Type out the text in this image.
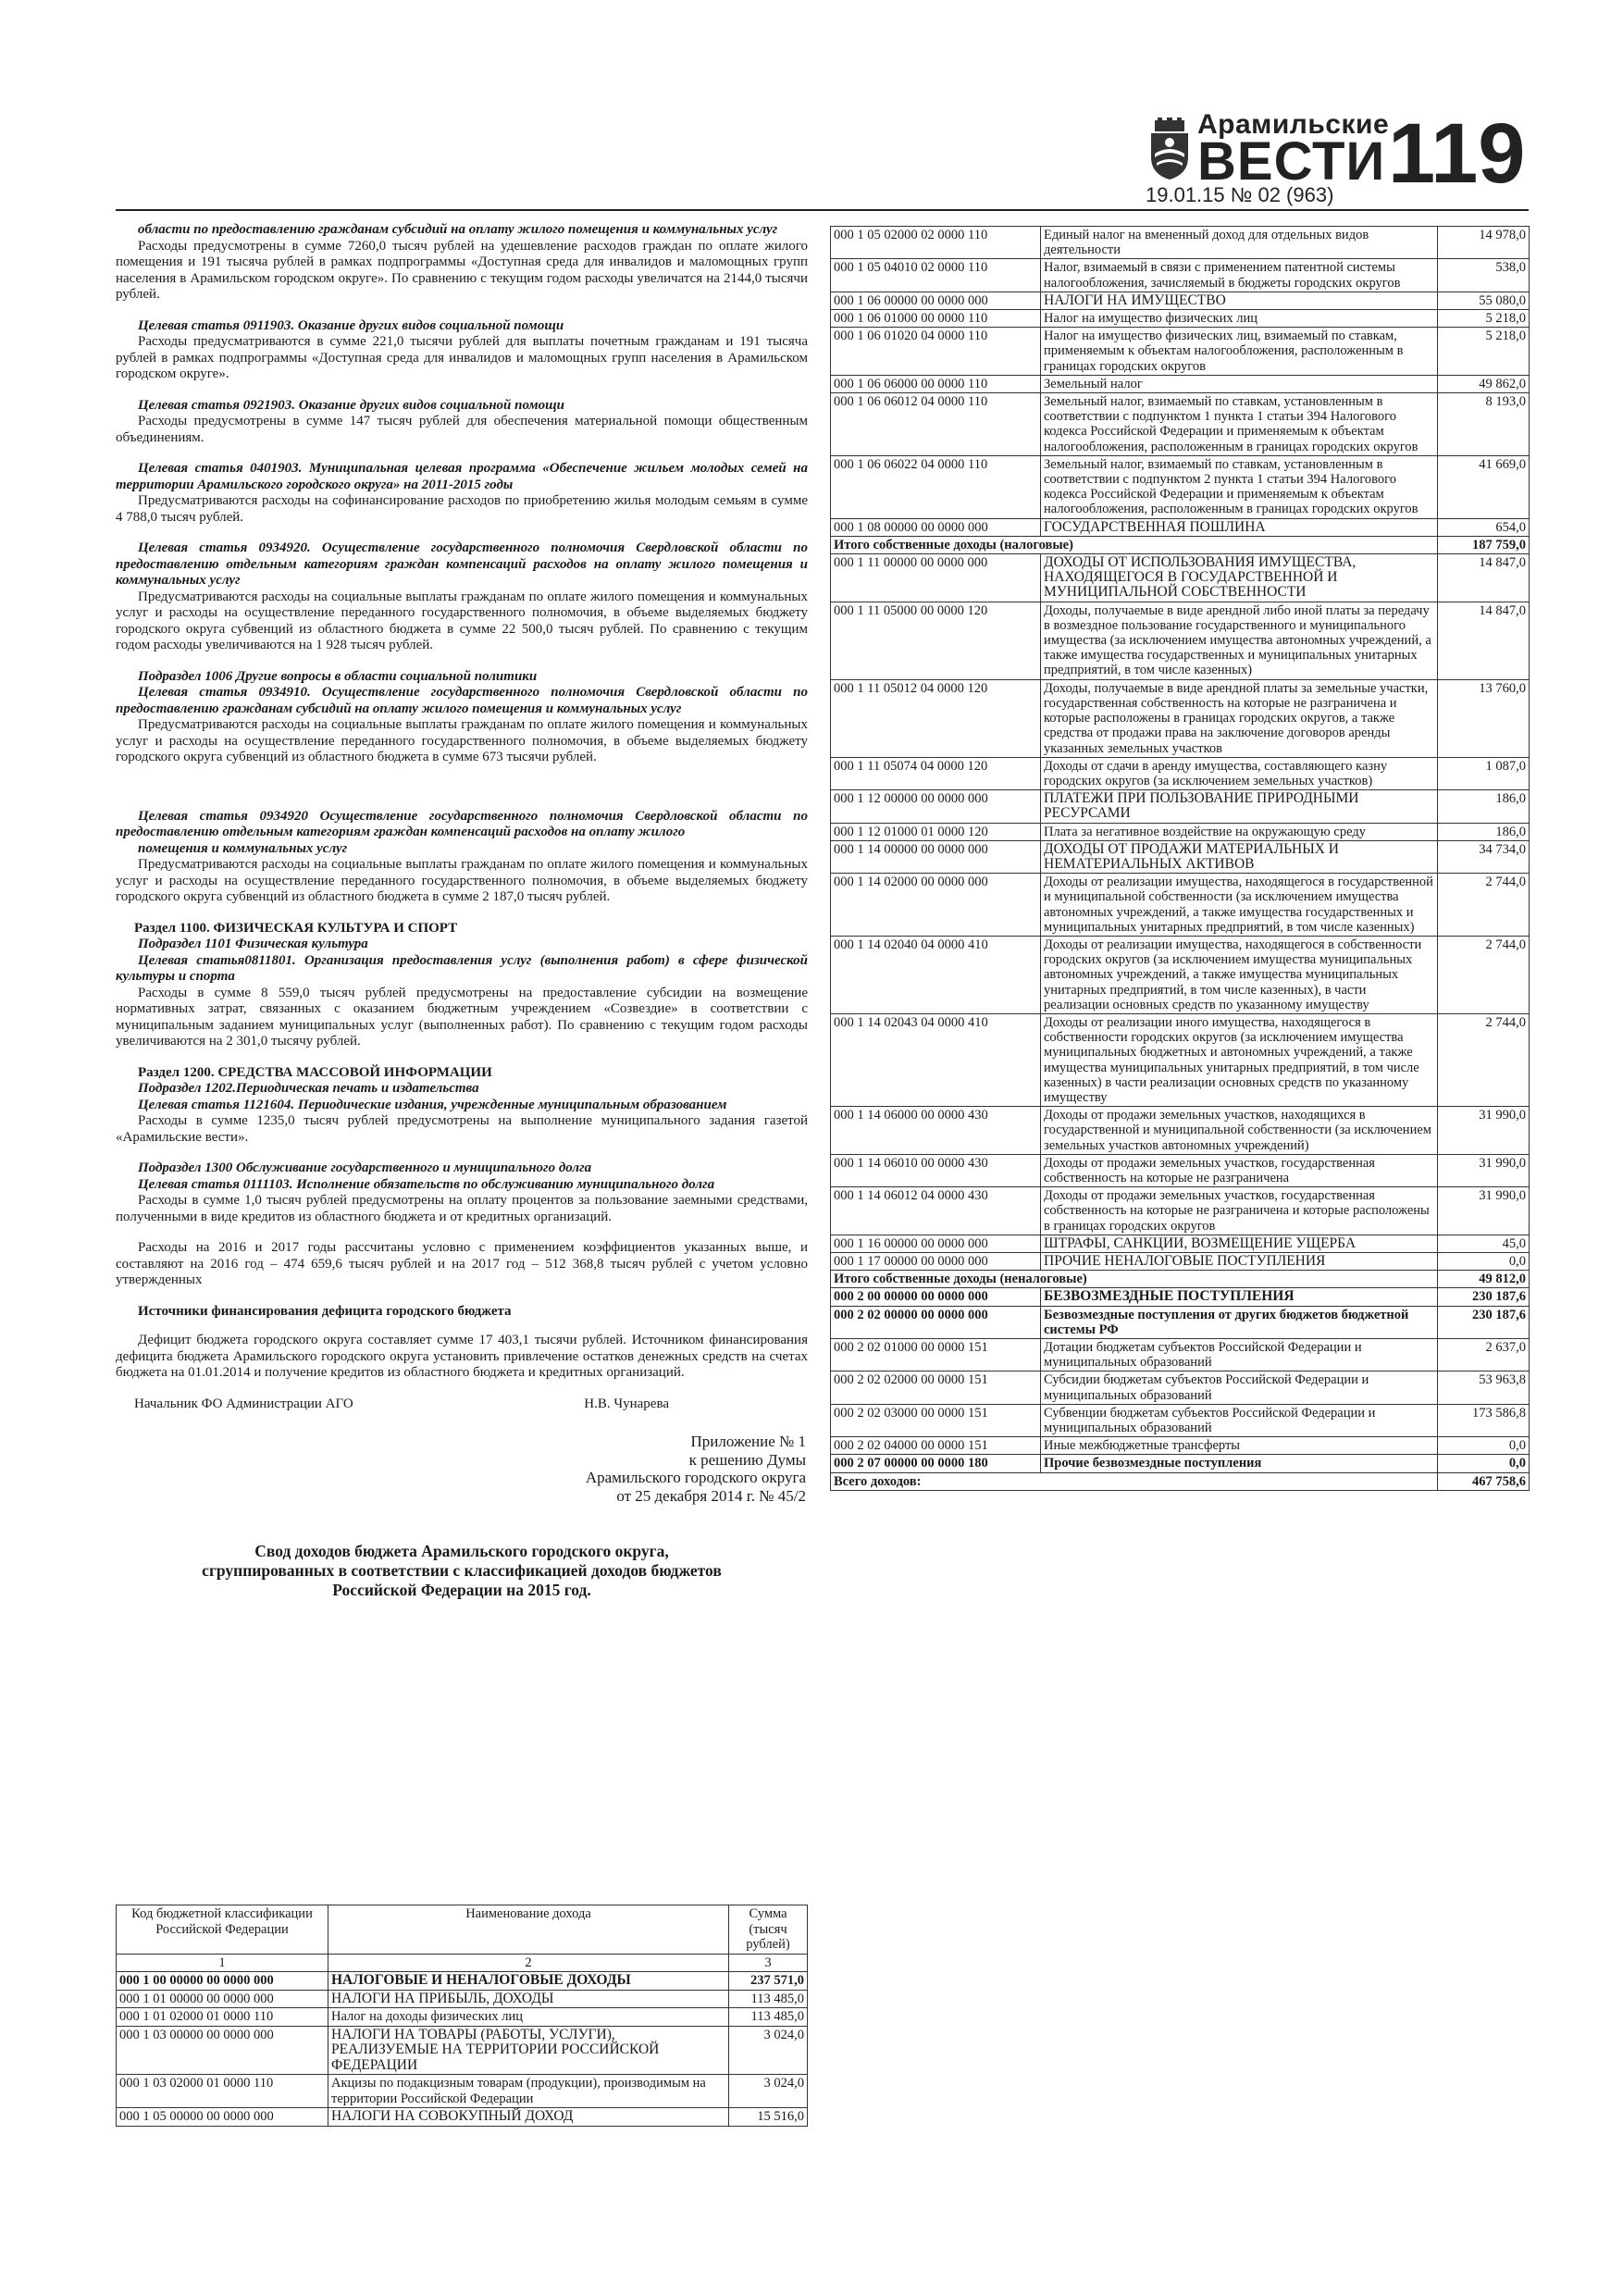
Арамильские
ВЕСТИ 119
19.01.15 № 02 (963)

области по предоставлению гражданам субсидий на оплату жилого помещения и коммунальных услуг

Расходы предусмотрены в сумме 7260,0 тысяч рублей на удешевление расходов граждан по оплате жилого помещения и 191 тысяча рублей в рамках подпрограммы «Доступная среда для инвалидов и маломощных групп населения в Арамильском городском округе». По сравнению с текущим годом расходы увеличатся на 2144,0 тысячи рублей.

Целевая статья 0911903. Оказание других видов социальной помощи

Расходы предусматриваются в сумме 221,0 тысячи рублей для выплаты почетным гражданам и 191 тысяча рублей в рамках подпрограммы «Доступная среда для инвалидов и маломощных групп населения в Арамильском городском округе».

Целевая статья 0921903. Оказание других видов социальной помощи

Расходы предусмотрены в сумме 147 тысяч рублей для обеспечения материальной помощи общественным объединениям.

Целевая статья 0401903. Муниципальная целевая программа «Обеспечение жильем молодых семей на территории Арамильского городского округа» на 2011-2015 годы

Предусматриваются расходы на софинансирование расходов по приобретению жилья молодым семьям в сумме 4 788,0 тысяч рублей.

Целевая статья 0934920. Осуществление государственного полномочия Свердловской области по предоставлению отдельным категориям граждан компенсаций расходов на оплату жилого помещения и коммунальных услуг

Предусматриваются расходы на социальные выплаты гражданам по оплате жилого помещения и коммунальных услуг и расходы на осуществление переданного государственного полномочия, в объеме выделяемых бюджету городского округа субвенций из областного бюджета в сумме 22 500,0 тысяч рублей. По сравнению с текущим годом расходы увеличиваются на 1 928 тысяч рублей.

Подраздел 1006 Другие вопросы в области социальной политики

Целевая статья 0934910. Осуществление государственного полномочия Свердловской области по предоставлению гражданам субсидий на оплату жилого помещения и коммунальных услуг

Предусматриваются расходы на социальные выплаты гражданам по оплате жилого помещения и коммунальных услуг и расходы на осуществление переданного государственного полномочия, в объеме выделяемых бюджету городского округа субвенций из областного бюджета в сумме 673 тысячи рублей.

Целевая статья 0934920 Осуществление государственного полномочия Свердловской области по предоставлению отдельным категориям граждан компенсаций расходов на оплату жилого

помещения и коммунальных услуг

Предусматриваются расходы на социальные выплаты гражданам по оплате жилого помещения и коммунальных услуг и расходы на осуществление переданного государственного полномочия, в объеме выделяемых бюджету городского округа субвенций из областного бюджета в сумме 2 187,0 тысяч рублей.

Раздел 1100. ФИЗИЧЕСКАЯ КУЛЬТУРА И СПОРТ

Подраздел 1101 Физическая культура

Целевая статья0811801. Организация предоставления услуг (выполнения работ) в сфере физической культуры и спорта

Расходы в сумме 8 559,0 тысяч рублей предусмотрены на предоставление субсидии на возмещение нормативных затрат, связанных с оказанием бюджетным учреждением «Созвездие» в соответствии с муниципальным заданием муниципальных услуг (выполненных работ). По сравнению с текущим годом расходы увеличиваются на 2 301,0 тысячу рублей.

Раздел 1200. СРЕДСТВА МАССОВОЙ ИНФОРМАЦИИ

Подраздел 1202.Периодическая печать и издательства

Целевая статья 1121604. Периодические издания, учрежденные муниципальным образованием

Расходы в сумме 1235,0 тысяч рублей предусмотрены на выполнение муниципального задания газетой «Арамильские вести».

Подраздел 1300 Обслуживание государственного и муниципального долга

Целевая статья 0111103. Исполнение обязательств по обслуживанию муниципального долга

Расходы в сумме 1,0 тысяч рублей предусмотрены на оплату процентов за пользование заемными средствами, полученными в виде кредитов из областного бюджета и от кредитных организаций.

Расходы на 2016 и 2017 годы рассчитаны условно с применением коэффициентов указанных выше, и составляют на 2016 год – 474 659,6 тысяч рублей и на 2017 год – 512 368,8 тысяч рублей с учетом условно утвержденных

Источники финансирования дефицита городского бюджета

Дефицит бюджета городского округа составляет сумме 17 403,1 тысячи рублей. Источником финансирования дефицита бюджета Арамильского городского округа установить привлечение остатков денежных средств на счетах бюджета на 01.01.2014 и получение кредитов из областного бюджета и кредитных организаций.

Начальник ФО Администрации АГО	Н.В. Чунарева
Приложение № 1
к решению Думы
Арамильского городского округа
от 25 декабря 2014 г. № 45/2
Свод доходов бюджета Арамильского городского округа,
сгруппированных в соответствии с классификацией доходов бюджетов
Российской Федерации на 2015 год.
Код бюджетной классификации Российской Федерации	Наименование дохода	Сумма (тысяч рублей)
1	2	3
000 1 00 00000 00 0000 000	НАЛОГОВЫЕ И НЕНАЛОГОВЫЕ ДОХОДЫ	237 571,0
000 1 01 00000 00 0000 000	НАЛОГИ НА ПРИБЫЛЬ, ДОХОДЫ	113 485,0
000 1 01 02000 01 0000 110	Налог на доходы физических лиц	113 485,0
000 1 03 00000 00 0000 000	НАЛОГИ НА ТОВАРЫ (РАБОТЫ, УСЛУГИ), РЕАЛИЗУЕМЫЕ НА ТЕРРИТОРИИ РОССИЙСКОЙ ФЕДЕРАЦИИ	3 024,0
000 1 03 02000 01 0000 110	Акцизы по подакцизным товарам (продукции), производимым на территории Российской Федерации	3 024,0
000 1 05 00000 00 0000 000	НАЛОГИ НА СОВОКУПНЫЙ ДОХОД	15 516,0
000 1 05 02000 02 0000 110	Единый налог на вмененный доход для отдельных видов деятельности	14 978,0
000 1 05 04010 02 0000 110	Налог, взимаемый в связи с применением патентной системы налогообложения, зачисляемый в бюджеты городских округов	538,0
000 1 06 00000 00 0000 000	НАЛОГИ НА ИМУЩЕСТВО	55 080,0
000 1 06 01000 00 0000 110	Налог на имущество физических лиц	5 218,0
000 1 06 01020 04 0000 110	Налог на имущество физических лиц, взимаемый по ставкам, применяемым к объектам налогообложения, расположенным в границах городских округов	5 218,0
000 1 06 06000 00 0000 110	Земельный налог	49 862,0
000 1 06 06012 04 0000 110	Земельный налог, взимаемый по ставкам, установленным в соответствии с подпунктом 1 пункта 1 статьи 394 Налогового кодекса Российской Федерации и применяемым к объектам налогообложения, расположенным в границах городских округов	8 193,0
000 1 06 06022 04 0000 110	Земельный налог, взимаемый по ставкам, установленным в соответствии с подпунктом 2 пункта 1 статьи 394 Налогового кодекса Российской Федерации и применяемым к объектам налогообложения, расположенным в границах городских округов	41 669,0
000 1 08 00000 00 0000 000	ГОСУДАРСТВЕННАЯ ПОШЛИНА	654,0
Итого собственные доходы (налоговые)		187 759,0
000 1 11 00000 00 0000 000	ДОХОДЫ ОТ ИСПОЛЬЗОВАНИЯ ИМУЩЕСТВА, НАХОДЯЩЕГОСЯ В ГОСУДАРСТВЕННОЙ И МУНИЦИПАЛЬНОЙ СОБСТВЕННОСТИ	14 847,0
000 1 11 05000 00 0000 120	Доходы, получаемые в виде арендной либо иной платы за передачу в возмездное пользование государственного и муниципального имущества (за исключением имущества автономных учреждений, а также имущества государственных и муниципальных унитарных предприятий, в том числе казенных)	14 847,0
000 1 11 05012 04 0000 120	Доходы, получаемые в виде арендной платы за земельные участки, государственная собственность на которые не разграничена и которые расположены в границах городских округов, а также средства от продажи права на заключение договоров аренды указанных земельных участков	13 760,0
000 1 11 05074 04 0000 120	Доходы от сдачи в аренду имущества, составляющего казну городских округов (за исключением земельных участков)	1 087,0
000 1 12 00000 00 0000 000	ПЛАТЕЖИ ПРИ ПОЛЬЗОВАНИЕ ПРИРОДНЫМИ РЕСУРСАМИ	186,0
000 1 12 01000 01 0000 120	Плата за негативное воздействие на окружающую среду	186,0
000 1 14 00000 00 0000 000	ДОХОДЫ ОТ ПРОДАЖИ МАТЕРИАЛЬНЫХ И НЕМАТЕРИАЛЬНЫХ АКТИВОВ	34 734,0
000 1 14 02000 00 0000 000	Доходы от реализации имущества, находящегося в государственной и муниципальной собственности (за исключением имущества автономных учреждений, а также имущества государственных и муниципальных унитарных предприятий, в том числе казенных)	2 744,0
000 1 14 02040 04 0000 410	Доходы от реализации имущества, находящегося в собственности городских округов (за исключением имущества муниципальных автономных учреждений, а также имущества муниципальных унитарных предприятий, в том числе казенных), в части реализации основных средств по указанному имуществу	2 744,0
000 1 14 02043 04 0000 410	Доходы от реализации иного имущества, находящегося в собственности городских округов (за исключением имущества муниципальных бюджетных и автономных учреждений, а также имущества муниципальных унитарных предприятий, в том числе казенных) в части реализации основных средств по указанному имуществу	2 744,0
000 1 14 06000 00 0000 430	Доходы от продажи земельных участков, находящихся в государственной и муниципальной собственности (за исключением земельных участков автономных учреждений)	31 990,0
000 1 14 06010 00 0000 430	Доходы от продажи земельных участков, государственная собственность на которые не разграничена	31 990,0
000 1 14 06012 04 0000 430	Доходы от продажи земельных участков, государственная собственность на которые не разграничена и которые расположены в границах городских округов	31 990,0
000 1 16 00000 00 0000 000	ШТРАФЫ, САНКЦИИ, ВОЗМЕЩЕНИЕ УЩЕРБА	45,0
000 1 17 00000 00 0000 000	ПРОЧИЕ НЕНАЛОГОВЫЕ ПОСТУПЛЕНИЯ	0,0
Итого собственные доходы (неналоговые)		49 812,0
000 2 00 00000 00 0000 000	БЕЗВОЗМЕЗДНЫЕ ПОСТУПЛЕНИЯ	230 187,6
000 2 02 00000 00 0000 000	Безвозмездные поступления от других бюджетов бюджетной системы РФ	230 187,6
000 2 02 01000 00 0000 151	Дотации бюджетам субъектов Российской Федерации и муниципальных образований	2 637,0
000 2 02 02000 00 0000 151	Субсидии бюджетам субъектов Российской Федерации и муниципальных образований	53 963,8
000 2 02 03000 00 0000 151	Субвенции бюджетам субъектов Российской Федерации и муниципальных образований	173 586,8
000 2 02 04000 00 0000 151	Иные межбюджетные трансферты	0,0
000 2 07 00000 00 0000 180	Прочие безвозмездные поступления	0,0
Всего доходов:		467 758,6
